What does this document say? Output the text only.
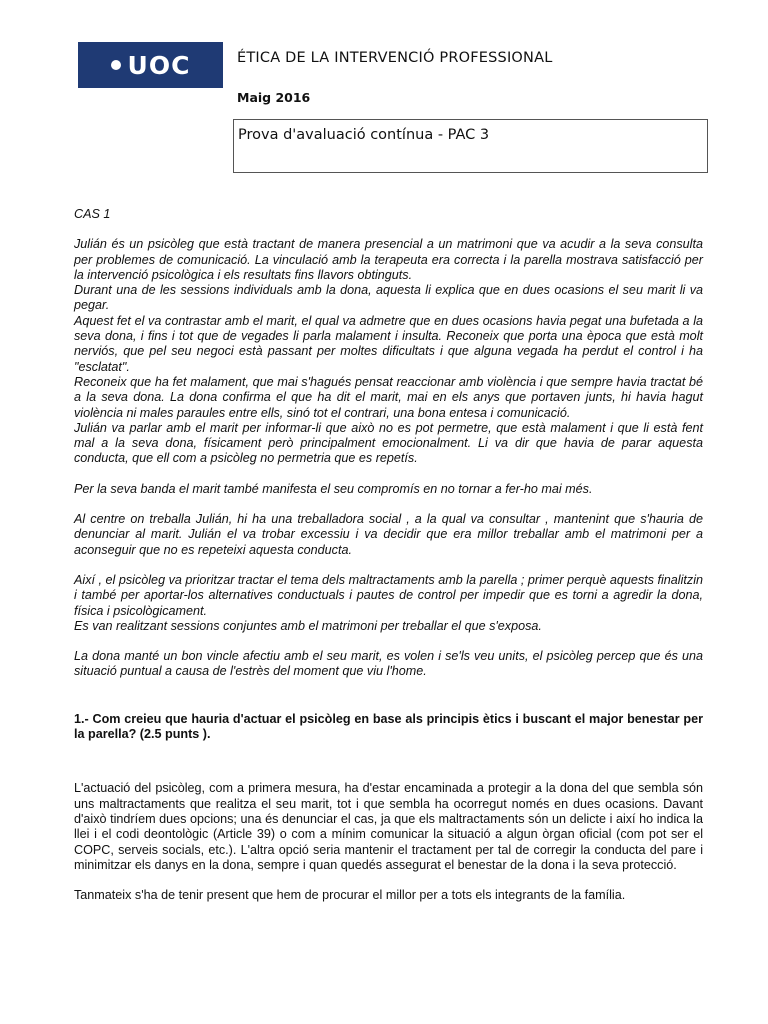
UOC	ÉTICA DE LA INTERVENCIÓ PROFESSIONAL
Maig 2016
Prova d'avaluació contínua - PAC 3

CAS 1

Julián és un psicòleg que està tractant de manera presencial a un matrimoni que va acudir a la seva consulta per problemes de comunicació. La vinculació amb la terapeuta era correcta i la parella mostrava satisfacció per la intervenció psicològica i els resultats fins llavors obtinguts.

Durant una de les sessions individuals amb la dona, aquesta li explica que en dues ocasions el seu marit li va pegar.

Aquest fet el va contrastar amb el marit, el qual va admetre que en dues ocasions havia pegat una bufetada a la seva dona, i fins i tot que de vegades li parla malament i insulta. Reconeix que porta una època que està molt nerviós, que pel seu negoci està passant per moltes dificultats i que alguna vegada ha perdut el control i ha "esclatat".

Reconeix que ha fet malament, que mai s'hagués pensat reaccionar amb violència i que sempre havia tractat bé a la seva dona. La dona confirma el que ha dit el marit, mai en els anys que portaven junts, hi havia hagut violència ni males paraules entre ells, sinó tot el contrari, una bona entesa i comunicació.

Julián va parlar amb el marit per informar-li que això no es pot permetre, que està malament i que li està fent mal a la seva dona, físicament però principalment emocionalment. Li va dir que havia de parar aquesta conducta, que ell com a psicòleg no permetria que es repetís.

Per la seva banda el marit també manifesta el seu compromís en no tornar a fer-ho mai més.

Al centre on treballa Julián, hi ha una treballadora social , a la qual va consultar , mantenint que s'hauria de denunciar al marit. Julián el va trobar excessiu i va decidir que era millor treballar amb el matrimoni per a aconseguir que no es repeteixi aquesta conducta.

Així , el psicòleg va prioritzar tractar el tema dels maltractaments amb la parella ; primer perquè aquests finalitzin i també per aportar-los alternatives conductuals i pautes de control per impedir que es torni a agredir la dona, física i psicològicament.

Es van realitzant sessions conjuntes amb el matrimoni per treballar el que s'exposa.

La dona manté un bon vincle afectiu amb el seu marit, es volen i se'ls veu units, el psicòleg percep que és una situació puntual a causa de l'estrès del moment que viu l'home.

1.- Com creieu que hauria d'actuar el psicòleg en base als principis ètics i buscant el major benestar per la parella? (2.5 punts ).

L'actuació del psicòleg, com a primera mesura, ha d'estar encaminada a protegir a la dona del que sembla són uns maltractaments que realitza el seu marit, tot i que sembla ha ocorregut només en dues ocasions. Davant d'això tindríem dues opcions; una és denunciar el cas, ja que els maltractaments són un delicte i així ho indica la llei i el codi deontològic (Article 39) o com a mínim comunicar la situació a algun òrgan oficial (com pot ser el COPC, serveis socials, etc.). L'altra opció seria mantenir el tractament per tal de corregir la conducta del pare i minimitzar els danys en la dona, sempre i quan quedés assegurat el benestar de la dona i la seva protecció.

Tanmateix s'ha de tenir present que hem de procurar el millor per a tots els integrants de la família.
